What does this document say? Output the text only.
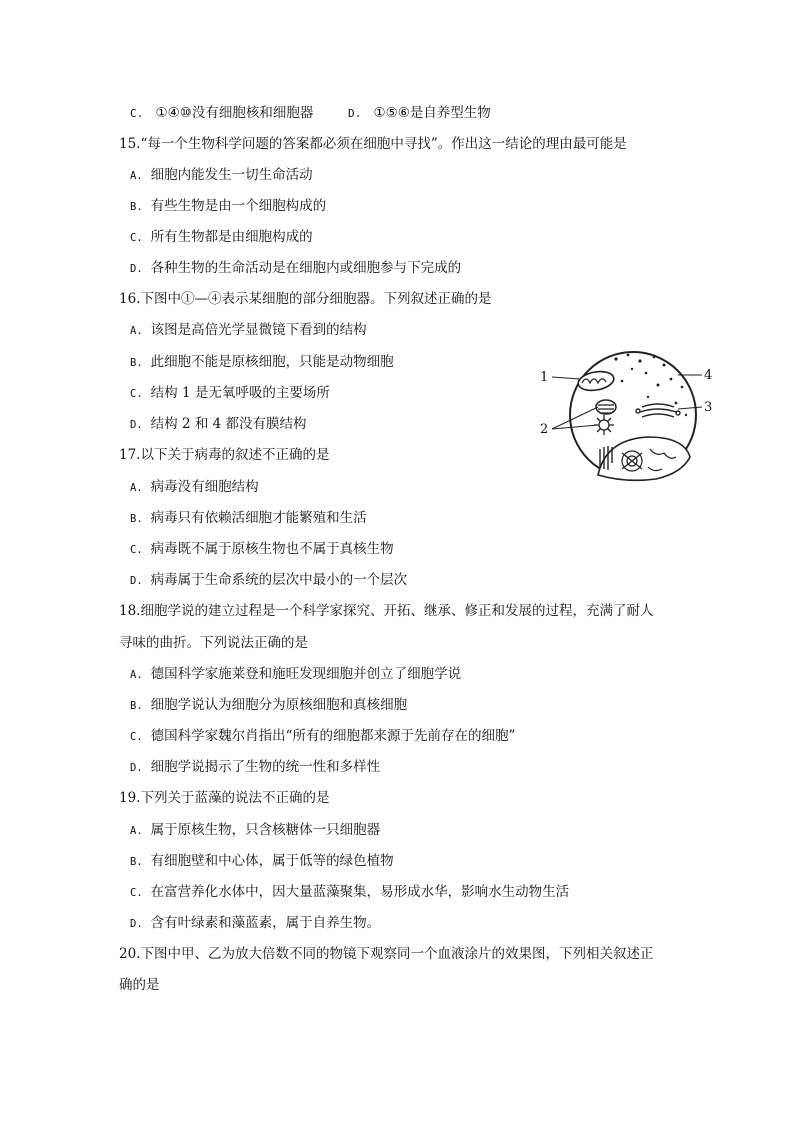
C. ①④⑩没有细胞核和细胞器	D. ①⑤⑥是自养型生物
15.“每一个生物科学问题的答案都必须在细胞中寻找”。作出这一结论的理由最可能是
A. 细胞内能发生一切生命活动
B. 有些生物是由一个细胞构成的
C. 所有生物都是由细胞构成的
D. 各种生物的生命活动是在细胞内或细胞参与下完成的
16.下图中①—④表示某细胞的部分细胞器。下列叙述正确的是
A. 该图是高倍光学显微镜下看到的结构
B. 此细胞不能是原核细胞，只能是动物细胞
C. 结构 1 是无氧呼吸的主要场所
D. 结构 2 和 4 都没有膜结构
1
2
3
4
17.以下关于病毒的叙述不正确的是
A. 病毒没有细胞结构
B. 病毒只有依赖活细胞才能繁殖和生活
C. 病毒既不属于原核生物也不属于真核生物
D. 病毒属于生命系统的层次中最小的一个层次
18.细胞学说的建立过程是一个科学家探究、开拓、继承、修正和发展的过程，充满了耐人
寻味的曲折。下列说法正确的是
A. 德国科学家施莱登和施旺发现细胞并创立了细胞学说
B. 细胞学说认为细胞分为原核细胞和真核细胞
C. 德国科学家魏尔肖指出“所有的细胞都来源于先前存在的细胞”
D. 细胞学说揭示了生物的统一性和多样性
19.下列关于蓝藻的说法不正确的是
A. 属于原核生物，只含核糖体一只细胞器
B. 有细胞壁和中心体，属于低等的绿色植物
C. 在富营养化水体中，因大量蓝藻聚集，易形成水华，影响水生动物生活
D. 含有叶绿素和藻蓝素，属于自养生物。
20.下图中甲、乙为放大倍数不同的物镜下观察同一个血液涂片的效果图，下列相关叙述正
确的是
